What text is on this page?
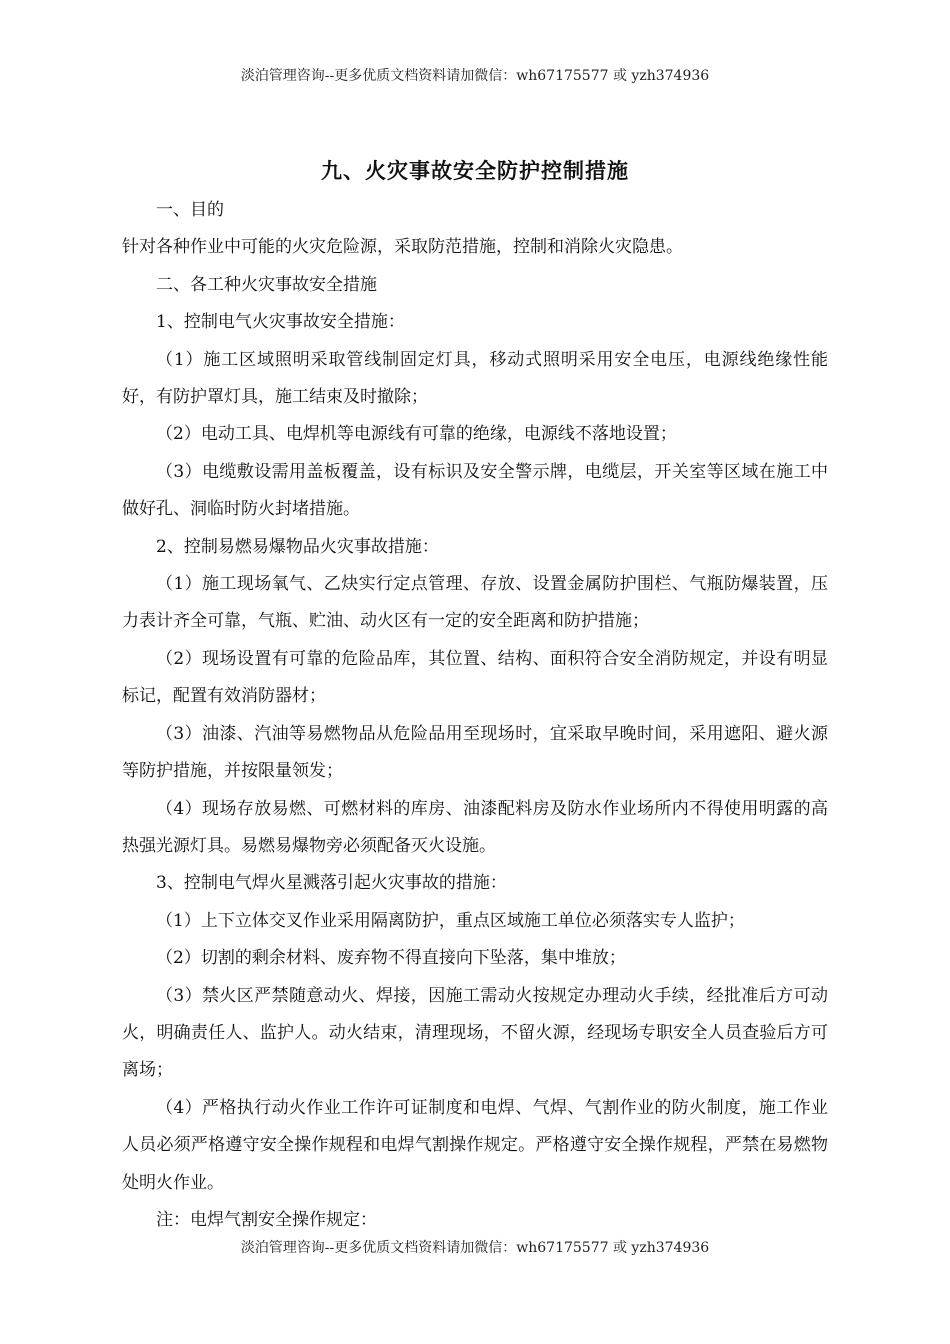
淡泊管理咨询--更多优质文档资料请加微信：wh67175577 或 yzh374936
九、火灾事故安全防护控制措施

一、目的

针对各种作业中可能的火灾危险源，采取防范措施，控制和消除火灾隐患。

二、各工种火灾事故安全措施

1、控制电气火灾事故安全措施：

（1）施工区域照明采取管线制固定灯具，移动式照明采用安全电压，电源线绝缘性能好，有防护罩灯具，施工结束及时撤除；

（2）电动工具、电焊机等电源线有可靠的绝缘，电源线不落地设置；

（3）电缆敷设需用盖板覆盖，设有标识及安全警示牌，电缆层，开关室等区域在施工中做好孔、洞临时防火封堵措施。

2、控制易燃易爆物品火灾事故措施：

（1）施工现场氧气、乙炔实行定点管理、存放、设置金属防护围栏、气瓶防爆装置，压力表计齐全可靠，气瓶、贮油、动火区有一定的安全距离和防护措施；

（2）现场设置有可靠的危险品库，其位置、结构、面积符合安全消防规定，并设有明显标记，配置有效消防器材；

（3）油漆、汽油等易燃物品从危险品用至现场时，宜采取早晚时间，采用遮阳、避火源等防护措施，并按限量领发；

（4）现场存放易燃、可燃材料的库房、油漆配料房及防水作业场所内不得使用明露的高热强光源灯具。易燃易爆物旁必须配备灭火设施。

3、控制电气焊火星溅落引起火灾事故的措施：

（1）上下立体交叉作业采用隔离防护，重点区域施工单位必须落实专人监护；

（2）切割的剩余材料、废弃物不得直接向下坠落，集中堆放；

（3）禁火区严禁随意动火、焊接，因施工需动火按规定办理动火手续，经批准后方可动火，明确责任人、监护人。动火结束，清理现场，不留火源，经现场专职安全人员查验后方可离场；

（4）严格执行动火作业工作许可证制度和电焊、气焊、气割作业的防火制度，施工作业人员必须严格遵守安全操作规程和电焊气割操作规定。严格遵守安全操作规程，严禁在易燃物处明火作业。

注：电焊气割安全操作规定：

淡泊管理咨询--更多优质文档资料请加微信：wh67175577 或 yzh374936
